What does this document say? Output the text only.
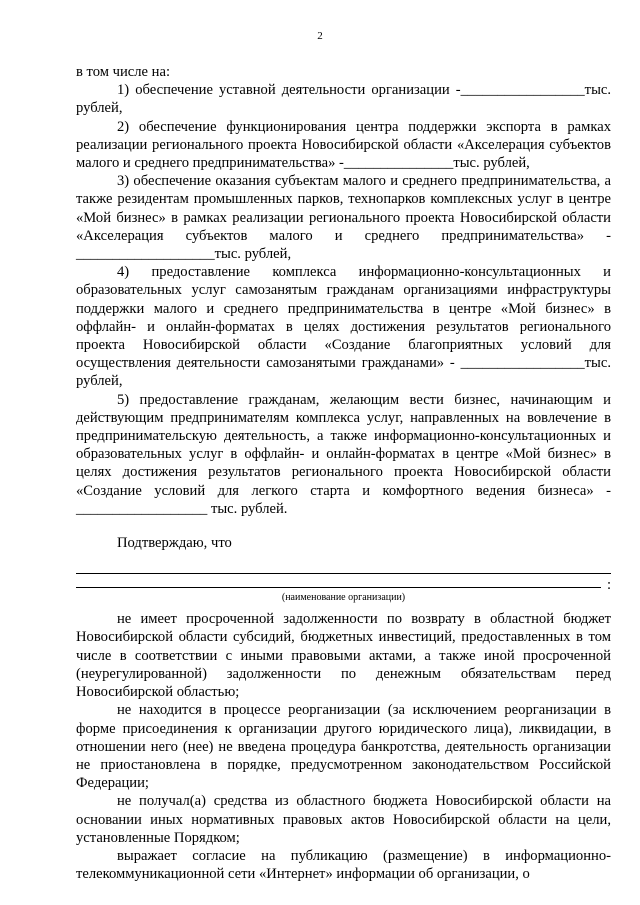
2

в том числе на:

1) обеспечение уставной деятельности организации -_________________тыс. рублей,

2) обеспечение функционирования центра поддержки экспорта в рамках реализации регионального проекта Новосибирской области «Акселерация субъектов малого и среднего предпринимательства» -_______________тыс. рублей,

3) обеспечение оказания субъектам малого и среднего предпринимательства, а также резидентам промышленных парков, технопарков комплексных услуг в центре «Мой бизнес» в рамках реализации регионального проекта Новосибирской области «Акселерация субъектов малого и среднего предпринимательства» -___________________тыс. рублей,

4) предоставление комплекса информационно-консультационных и образовательных услуг самозанятым гражданам организациями инфраструктуры поддержки малого и среднего предпринимательства в центре «Мой бизнес» в оффлайн- и онлайн-форматах в целях достижения результатов регионального проекта Новосибирской области «Создание благоприятных условий для осуществления деятельности самозанятыми гражданами» - _________________тыс. рублей,

5) предоставление гражданам, желающим вести бизнес, начинающим и действующим предпринимателям комплекса услуг, направленных на вовлечение в предпринимательскую деятельность, а также информационно-консультационных и образовательных услуг в оффлайн- и онлайн-форматах в центре «Мой бизнес» в целях достижения результатов регионального проекта Новосибирской области «Создание условий для легкого старта и комфортного ведения бизнеса» - __________________ тыс. рублей.

Подтверждаю, что

:

(наименование организации)

не имеет просроченной задолженности по возврату в областной бюджет Новосибирской области субсидий, бюджетных инвестиций, предоставленных в том числе в соответствии с иными правовыми актами, а также иной просроченной (неурегулированной) задолженности по денежным обязательствам перед Новосибирской областью;

не находится в процессе реорганизации (за исключением реорганизации в форме присоединения к организации другого юридического лица), ликвидации, в отношении него (нее) не введена процедура банкротства, деятельность организации не приостановлена в порядке, предусмотренном законодательством Российской Федерации;

не получал(а) средства из областного бюджета Новосибирской области на основании иных нормативных правовых актов Новосибирской области на цели, установленные Порядком;

выражает согласие на публикацию (размещение) в информационно-телекоммуникационной сети «Интернет» информации об организации, о
